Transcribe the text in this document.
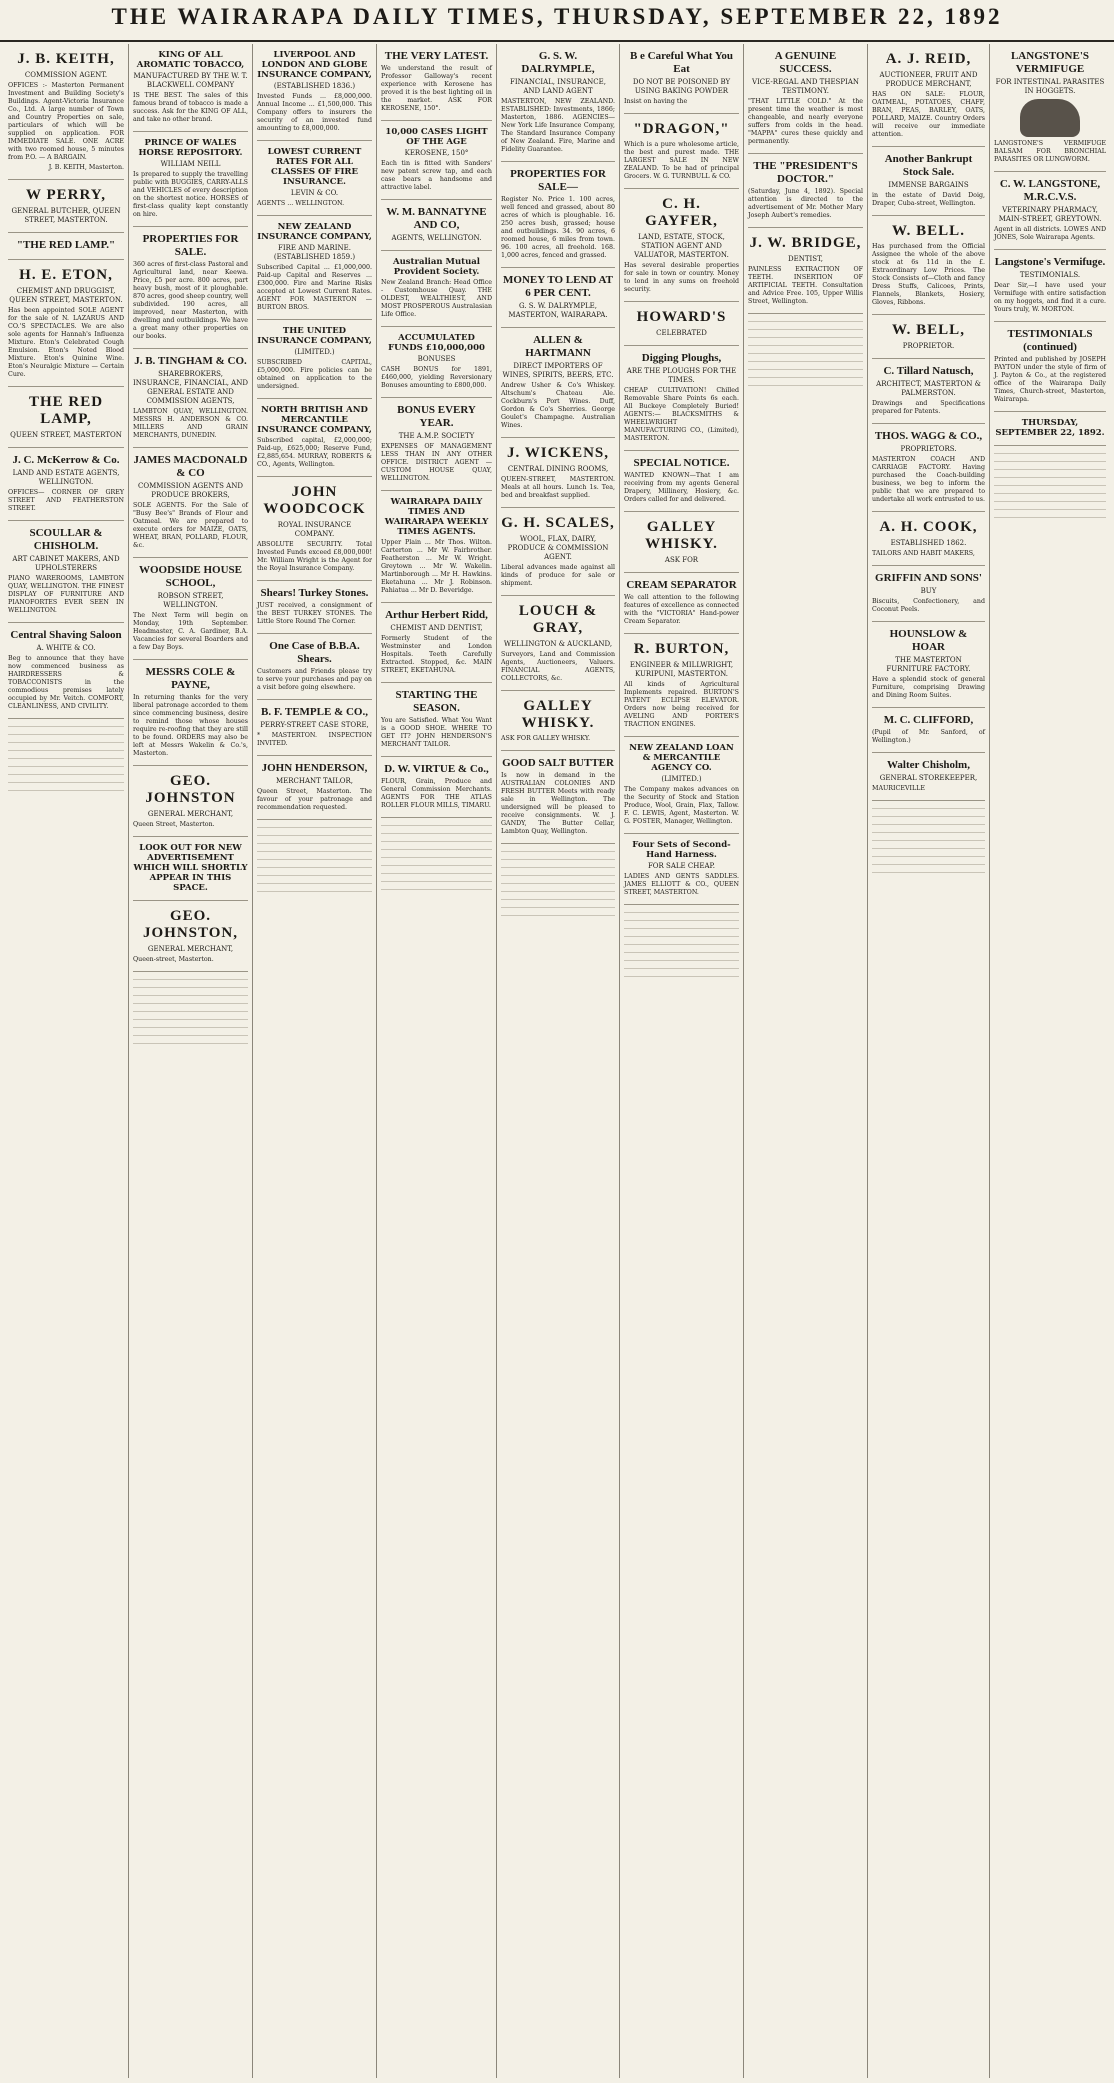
THE WAIRARAPA DAILY TIMES, THURSDAY, SEPTEMBER 22, 1892
J. B. KEITH,
COMMISSION AGENT.

OFFICES :- Masterton Permanent Investment and Building Society's Buildings. Agent-Victoria Insurance Co., Ltd. A large number of Town and Country Properties on sale, particulars of which will be supplied on application. FOR IMMEDIATE SALE. ONE ACRE with two roomed house, 5 minutes from P.O. — A BARGAIN.

J. B. KEITH, Masterton.

W PERRY,
GENERAL BUTCHER, QUEEN STREET, MASTERTON.
"THE RED LAMP."
H. E. ETON,
CHEMIST AND DRUGGIST, QUEEN STREET, MASTERTON.

Has been appointed SOLE AGENT for the sale of N. LAZARUS AND CO.'S SPECTACLES. We are also sole agents for Hannah's Influenza Mixture. Eton's Celebrated Cough Emulsion. Eton's Noted Blood Mixture. Eton's Quinine Wine. Eton's Neuralgic Mixture — Certain Cure.

THE RED LAMP,
QUEEN STREET, MASTERTON
J. C. McKerrow & Co.
LAND AND ESTATE AGENTS, WELLINGTON.

OFFICES— CORNER OF GREY STREET AND FEATHERSTON STREET.

SCOULLAR & CHISHOLM.
ART CABINET MAKERS, AND UPHOLSTERERS

PIANO WAREROOMS, LAMBTON QUAY, WELLINGTON. THE FINEST DISPLAY OF FURNITURE AND PIANOFORTES EVER SEEN IN WELLINGTON.

Central Shaving Saloon
A. WHITE & CO.

Beg to announce that they have now commenced business as HAIRDRESSERS & TOBACCONISTS in the commodious premises lately occupied by Mr. Veitch. COMFORT, CLEANLINESS, AND CIVILITY.

KING OF ALL AROMATIC TOBACCO,
MANUFACTURED BY THE W. T. BLACKWELL COMPANY

IS THE BEST. The sales of this famous brand of tobacco is made a success. Ask for the KING OF ALL, and take no other brand.

PRINCE OF WALES HORSE REPOSITORY.
WILLIAM NEILL

Is prepared to supply the travelling public with BUGGIES, CARRY-ALLS and VEHICLES of every description on the shortest notice. HORSES of first-class quality kept constantly on hire.

PROPERTIES FOR SALE.

360 acres of first-class Pastoral and Agricultural land, near Keewa. Price, £5 per acre. 800 acres, part heavy bush, most of it ploughable. 870 acres, good sheep country, well subdivided. 190 acres, all improved, near Masterton, with dwelling and outbuildings. We have a great many other properties on our books.

J. B. TINGHAM & CO.
SHAREBROKERS, INSURANCE, FINANCIAL, AND GENERAL ESTATE AND COMMISSION AGENTS,

LAMBTON QUAY, WELLINGTON. MESSRS H. ANDERSON & CO. MILLERS AND GRAIN MERCHANTS, DUNEDIN.

JAMES MACDONALD & CO
COMMISSION AGENTS AND PRODUCE BROKERS,

SOLE AGENTS. For the Sale of "Busy Bee's" Brands of Flour and Oatmeal. We are prepared to execute orders for MAIZE, OATS, WHEAT, BRAN, POLLARD, FLOUR, &c.

WOODSIDE HOUSE SCHOOL,
ROBSON STREET, WELLINGTON.

The Next Term will begin on Monday, 19th September. Headmaster, C. A. Gardiner, B.A. Vacancies for several Boarders and a few Day Boys.

MESSRS COLE & PAYNE,

In returning thanks for the very liberal patronage accorded to them since commencing business, desire to remind those whose houses require re-roofing that they are still to be found. ORDERS may also be left at Messrs Wakelin & Co.'s, Masterton.

GEO. JOHNSTON
GENERAL MERCHANT,

Queen Street, Masterton.

LOOK OUT FOR NEW ADVERTISEMENT WHICH WILL SHORTLY APPEAR IN THIS SPACE.
GEO. JOHNSTON,
GENERAL MERCHANT,

Queen-street, Masterton.

LIVERPOOL AND LONDON AND GLOBE INSURANCE COMPANY,
(ESTABLISHED 1836.)

Invested Funds ... £8,000,000. Annual Income ... £1,500,000. This Company offers to insurers the security of an invested fund amounting to £8,000,000.

LOWEST CURRENT RATES FOR ALL CLASSES OF FIRE INSURANCE.
LEVIN & CO.

AGENTS ... WELLINGTON.

NEW ZEALAND INSURANCE COMPANY,
FIRE AND MARINE. (ESTABLISHED 1859.)

Subscribed Capital ... £1,000,000. Paid-up Capital and Reserves ... £300,000. Fire and Marine Risks accepted at Lowest Current Rates. AGENT FOR MASTERTON — BURTON BROS.

THE UNITED INSURANCE COMPANY,
(LIMITED.)

SUBSCRIBED CAPITAL, £5,000,000. Fire policies can be obtained on application to the undersigned.

NORTH BRITISH AND MERCANTILE INSURANCE COMPANY,

Subscribed capital, £2,000,000; Paid-up, £625,000; Reserve Fund, £2,885,654. MURRAY, ROBERTS & CO., Agents, Wellington.

JOHN WOODCOCK
ROYAL INSURANCE COMPANY.

ABSOLUTE SECURITY. Total Invested Funds exceed £8,000,000! Mr. William Wright is the Agent for the Royal Insurance Company.

Shears! Turkey Stones.

JUST received, a consignment of the BEST TURKEY STONES. The Little Store Round The Corner.

One Case of B.B.A. Shears.

Customers and Friends please try to serve your purchases and pay on a visit before going elsewhere.

B. F. TEMPLE & CO.,
PERRY-STREET CASE STORE,

* MASTERTON. INSPECTION INVITED.

JOHN HENDERSON,
MERCHANT TAILOR,

Queen Street, Masterton. The favour of your patronage and recommendation requested.

THE VERY LATEST.

We understand the result of Professor Galloway's recent experience with Kerosene has proved it is the best lighting oil in the market. ASK FOR KEROSENE, 150°.

10,000 CASES LIGHT OF THE AGE
KEROSENE, 150°

Each tin is fitted with Sanders' new patent screw tap, and each case bears a handsome and attractive label.

W. M. BANNATYNE AND CO,
AGENTS, WELLINGTON.
Australian Mutual Provident Society.

New Zealand Branch: Head Office - Customhouse Quay. THE OLDEST, WEALTHIEST, AND MOST PROSPEROUS Australasian Life Office.

ACCUMULATED FUNDS £10,000,000
BONUSES

CASH BONUS for 1891, £460,000, yielding Reversionary Bonuses amounting to £800,000.

BONUS EVERY YEAR.
THE A.M.P. SOCIETY

EXPENSES OF MANAGEMENT LESS THAN IN ANY OTHER OFFICE. DISTRICT AGENT — CUSTOM HOUSE QUAY, WELLINGTON.

WAIRARAPA DAILY TIMES AND WAIRARAPA WEEKLY TIMES AGENTS.

Upper Plain ... Mr Thos. Wilton. Carterton ... Mr W. Fairbrother. Featherston ... Mr W. Wright. Greytown ... Mr W. Wakelin. Martinborough ... Mr H. Hawkins. Eketahuna ... Mr J. Robinson. Pahiatua ... Mr D. Beveridge.

Arthur Herbert Ridd,
CHEMIST AND DENTIST,

Formerly Student of the Westminster and London Hospitals. Teeth Carefully Extracted. Stopped, &c. MAIN STREET, EKETAHUNA.

STARTING THE SEASON.

You are Satisfied. What You Want is a GOOD SHOE. WHERE TO GET IT? JOHN HENDERSON'S MERCHANT TAILOR.

D. W. VIRTUE & Co.,

FLOUR, Grain, Produce and General Commission Merchants. AGENTS FOR THE ATLAS ROLLER FLOUR MILLS, TIMARU.

G. S. W. DALRYMPLE,
FINANCIAL, INSURANCE, AND LAND AGENT

MASTERTON, NEW ZEALAND. ESTABLISHED: Investments, 1866; Masterton, 1886. AGENCIES— New York Life Insurance Company, The Standard Insurance Company of New Zealand. Fire, Marine and Fidelity Guarantee.

PROPERTIES FOR SALE—

Register No. Price 1. 100 acres, well fenced and grassed, about 80 acres of which is ploughable. 16. 250 acres bush, grassed; house and outbuildings. 34. 90 acres, 6 roomed house, 6 miles from town. 96. 100 acres, all freehold. 168. 1,000 acres, fenced and grassed.

MONEY TO LEND AT 6 PER CENT.
G. S. W. DALRYMPLE, MASTERTON, WAIRARAPA.
ALLEN & HARTMANN
DIRECT IMPORTERS OF WINES, SPIRITS, BEERS, ETC.

Andrew Usher & Co's Whiskey. Altschum's Chateau Ale. Cockburn's Port Wines. Duff, Gordon & Co's Sherries. George Goulet's Champagne. Australian Wines.

J. WICKENS,
CENTRAL DINING ROOMS,

QUEEN-STREET, MASTERTON. Meals at all hours. Lunch 1s. Tea, bed and breakfast supplied.

G. H. SCALES,
WOOL, FLAX, DAIRY, PRODUCE & COMMISSION AGENT.

Liberal advances made against all kinds of produce for sale or shipment.

LOUCH & GRAY,
WELLINGTON & AUCKLAND,

Surveyors, Land and Commission Agents, Auctioneers, Valuers. FINANCIAL AGENTS, COLLECTORS, &c.

GALLEY WHISKY.

ASK FOR GALLEY WHISKY.

GOOD SALT BUTTER

Is now in demand in the AUSTRALIAN COLONIES AND FRESH BUTTER Meets with ready sale in Wellington. The undersigned will be pleased to receive consignments. W. J. GANDY, The Butter Cellar, Lambton Quay, Wellington.

B e Careful What You Eat
DO NOT BE POISONED BY USING BAKING POWDER

Insist on having the

"DRAGON,"

Which is a pure wholesome article, the best and purest made. THE LARGEST SALE IN NEW ZEALAND. To be had of principal Grocers. W. G. TURNBULL & CO.

C. H. GAYFER,
LAND, ESTATE, STOCK, STATION AGENT AND VALUATOR, MASTERTON.

Has several desirable properties for sale in town or country. Money to lend in any sums on freehold security.

HOWARD'S
CELEBRATED
Digging Ploughs,
ARE THE PLOUGHS FOR THE TIMES.

CHEAP CULTIVATION! Chilled Removable Share Points 6s each. All Buckeye Completely Buried! AGENTS:— BLACKSMITHS & WHEELWRIGHT MANUFACTURING CO., (Limited), MASTERTON.

SPECIAL NOTICE.

WANTED KNOWN—That I am receiving from my agents General Drapery, Millinery, Hosiery, &c. Orders called for and delivered.

GALLEY WHISKY.
ASK FOR
CREAM SEPARATOR

We call attention to the following features of excellence as connected with the "VICTORIA" Hand-power Cream Separator.

R. BURTON,
ENGINEER & MILLWRIGHT, KURIPUNI, MASTERTON.

All kinds of Agricultural Implements repaired. BURTON'S PATENT ECLIPSE ELEVATOR. Orders now being received for AVELING AND PORTER'S TRACTION ENGINES.

NEW ZEALAND LOAN & MERCANTILE AGENCY CO.
(LIMITED.)

The Company makes advances on the Security of Stock and Station Produce, Wool, Grain, Flax, Tallow. F. C. LEWIS, Agent, Masterton. W. G. FOSTER, Manager, Wellington.

Four Sets of Second-Hand Harness.
FOR SALE CHEAP.

LADIES AND GENTS SADDLES. JAMES ELLIOTT & CO., QUEEN STREET, MASTERTON.

A GENUINE SUCCESS.
VICE-REGAL AND THESPIAN TESTIMONY.

"THAT LITTLE COLD." At the present time the weather is most changeable, and nearly everyone suffers from colds in the head. "MAPPA" cures these quickly and permanently.

THE "PRESIDENT'S DOCTOR."

(Saturday, June 4, 1892). Special attention is directed to the advertisement of Mr. Mother Mary Joseph Aubert's remedies.

J. W. BRIDGE,
DENTIST,

PAINLESS EXTRACTION OF TEETH. INSERTION OF ARTIFICIAL TEETH. Consultation and Advice Free. 105, Upper Willis Street, Wellington.

A. J. REID,
AUCTIONEER, FRUIT AND PRODUCE MERCHANT,

HAS ON SALE: FLOUR, OATMEAL, POTATOES, CHAFF, BRAN, PEAS, BARLEY, OATS, POLLARD, MAIZE. Country Orders will receive our immediate attention.

Another Bankrupt Stock Sale.
IMMENSE BARGAINS

in the estate of David Doig, Draper, Cuba-street, Wellington.

W. BELL.

Has purchased from the Official Assignee the whole of the above stock at 6s 11d in the £. Extraordinary Low Prices. The Stock Consists of—Cloth and fancy Dress Stuffs, Calicoes, Prints, Flannels, Blankets, Hosiery, Gloves, Ribbons.

W. BELL,
PROPRIETOR.
C. Tillard Natusch,
ARCHITECT, MASTERTON & PALMERSTON.

Drawings and Specifications prepared for Patents.

THOS. WAGG & CO.,
PROPRIETORS.

MASTERTON COACH AND CARRIAGE FACTORY. Having purchased the Coach-building business, we beg to inform the public that we are prepared to undertake all work entrusted to us.

A. H. COOK,
ESTABLISHED 1862.

TAILORS AND HABIT MAKERS,

GRIFFIN AND SONS'
BUY

Biscuits, Confectionery, and Coconut Peels.

HOUNSLOW & HOAR
THE MASTERTON FURNITURE FACTORY.

Have a splendid stock of general Furniture, comprising Drawing and Dining Room Suites.

M. C. CLIFFORD,

(Pupil of Mr. Sanford, of Wellington.)

Walter Chisholm,
GENERAL STOREKEEPER,

MAURICEVILLE

LANGSTONE'S VERMIFUGE
FOR INTESTINAL PARASITES IN HOGGETS.

LANGSTONE'S VERMIFUGE BALSAM FOR BRONCHIAL PARASITES OR LUNGWORM.

C. W. LANGSTONE, M.R.C.V.S.
VETERINARY PHARMACY, MAIN-STREET, GREYTOWN.

Agent in all districts. LOWES AND JONES, Sole Wairarapa Agents.

Langstone's Vermifuge.
TESTIMONIALS.

Dear Sir,—I have used your Vermifuge with entire satisfaction on my hoggets, and find it a cure. Yours truly, W. MORTON.

TESTIMONIALS (continued)

Printed and published by JOSEPH PAYTON under the style of firm of J. Payton & Co., at the registered office of the Wairarapa Daily Times, Church-street, Masterton, Wairarapa.

THURSDAY, SEPTEMBER 22, 1892.
